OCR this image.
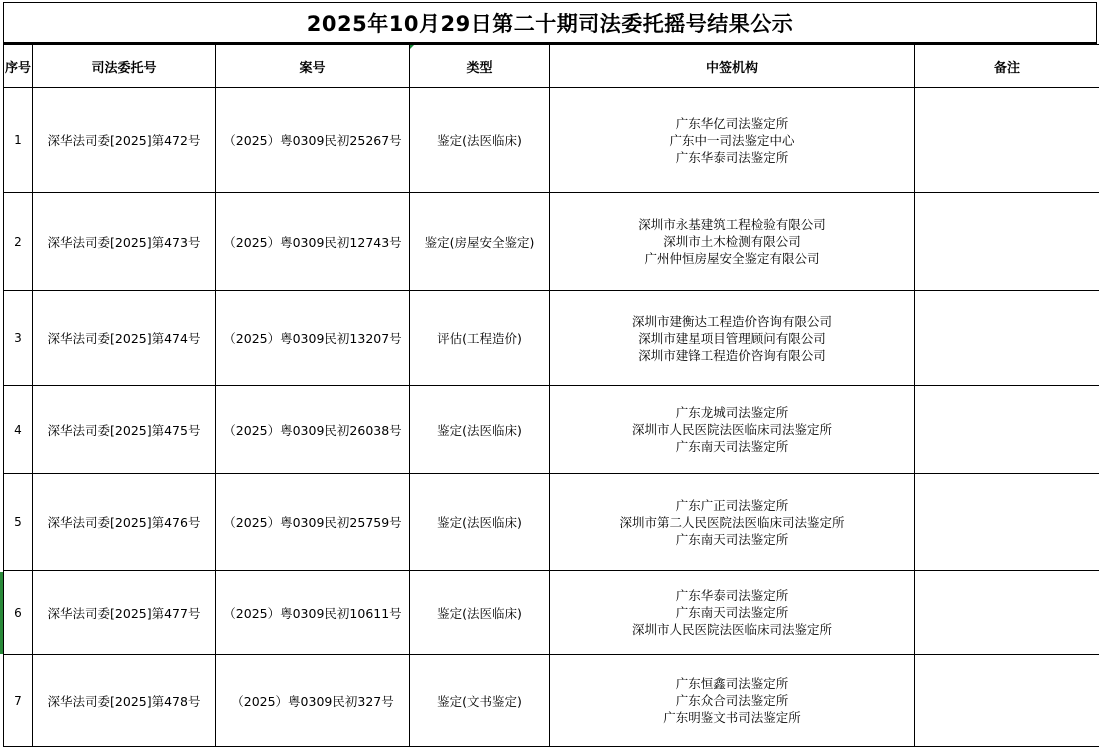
2025年10月29日第二十期司法委托摇号结果公示
序号	司法委托号	案号	类型	中签机构	备注
1	深华法司委[2025]第472号	（2025）粤0309民初25267号	鉴定(法医临床)	广东华亿司法鉴定所
广东中一司法鉴定中心
广东华泰司法鉴定所	

2	深华法司委[2025]第473号	（2025）粤0309民初12743号	鉴定(房屋安全鉴定)	深圳市永基建筑工程检验有限公司
深圳市土木检测有限公司
广州仲恒房屋安全鉴定有限公司	

3	深华法司委[2025]第474号	（2025）粤0309民初13207号	评估(工程造价)	深圳市建衡达工程造价咨询有限公司
深圳市建星项目管理顾问有限公司
深圳市建锋工程造价咨询有限公司	

4	深华法司委[2025]第475号	（2025）粤0309民初26038号	鉴定(法医临床)	广东龙城司法鉴定所
深圳市人民医院法医临床司法鉴定所
广东南天司法鉴定所	

5	深华法司委[2025]第476号	（2025）粤0309民初25759号	鉴定(法医临床)	广东广正司法鉴定所
深圳市第二人民医院法医临床司法鉴定所
广东南天司法鉴定所	

6	深华法司委[2025]第477号	（2025）粤0309民初10611号	鉴定(法医临床)	广东华泰司法鉴定所
广东南天司法鉴定所
深圳市人民医院法医临床司法鉴定所	

7	深华法司委[2025]第478号	（2025）粤0309民初327号	鉴定(文书鉴定)	广东恒鑫司法鉴定所
广东众合司法鉴定所
广东明鉴文书司法鉴定所	
